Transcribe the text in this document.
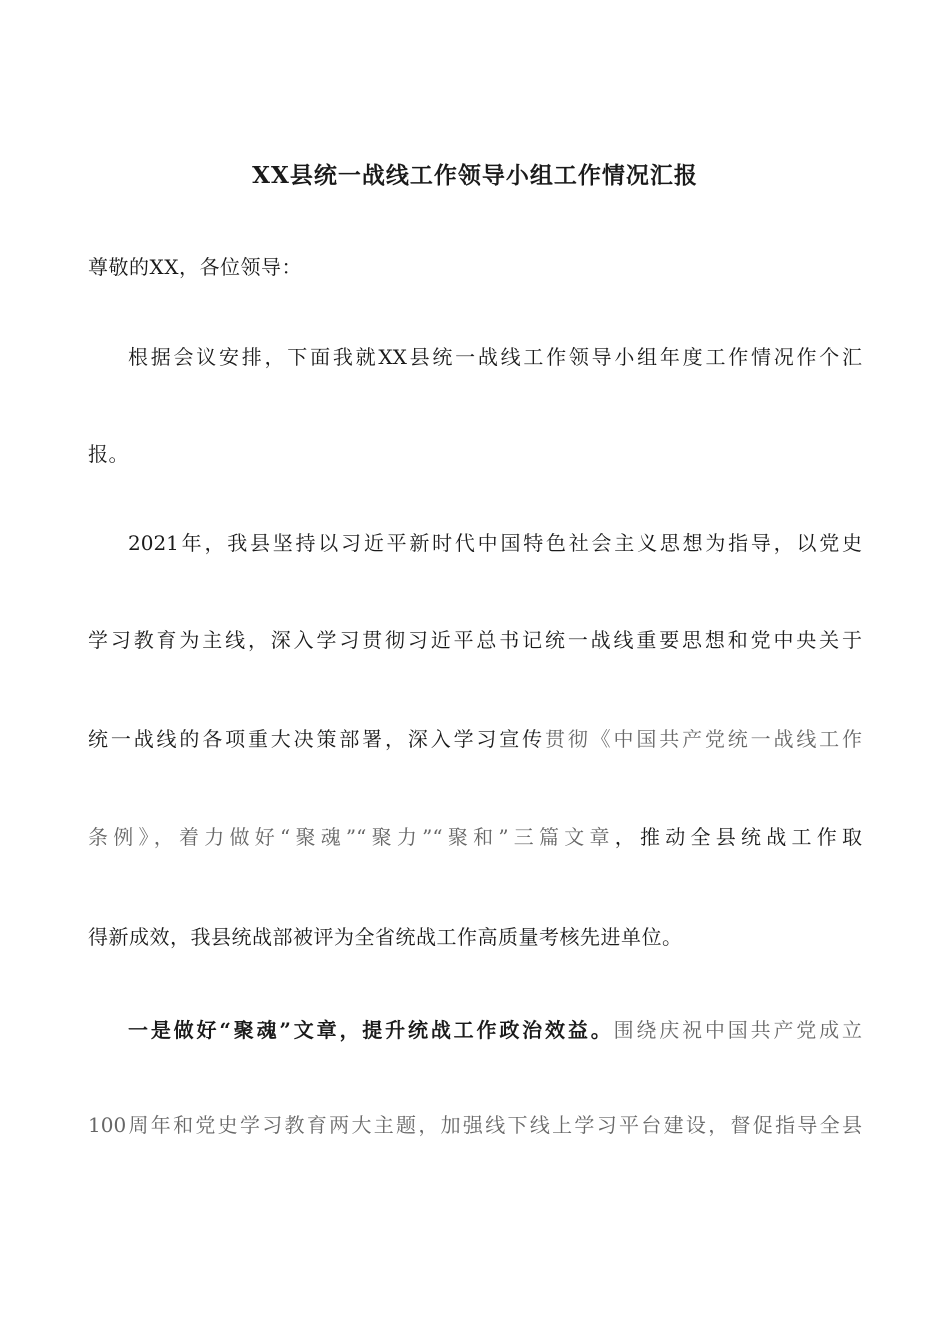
XX县统一战线工作领导小组工作情况汇报
尊敬的XX，各位领导：
根据会议安排，下面我就XX县统一战线工作领导小组年度工作情况作个汇
报。
2021年，我县坚持以习近平新时代中国特色社会主义思想为指导，以党史
学习教育为主线，深入学习贯彻习近平总书记统一战线重要思想和党中央关于
统一战线的各项重大决策部署，深入学习宣传贯彻《中国共产党统一战线工作
条例》，着力做好“聚魂”“聚力”“聚和”三篇文章，推动全县统战工作取
得新成效，我县统战部被评为全省统战工作高质量考核先进单位。
一是做好“聚魂”文章，提升统战工作政治效益。围绕庆祝中国共产党成立
100周年和党史学习教育两大主题，加强线下线上学习平台建设，督促指导全县
